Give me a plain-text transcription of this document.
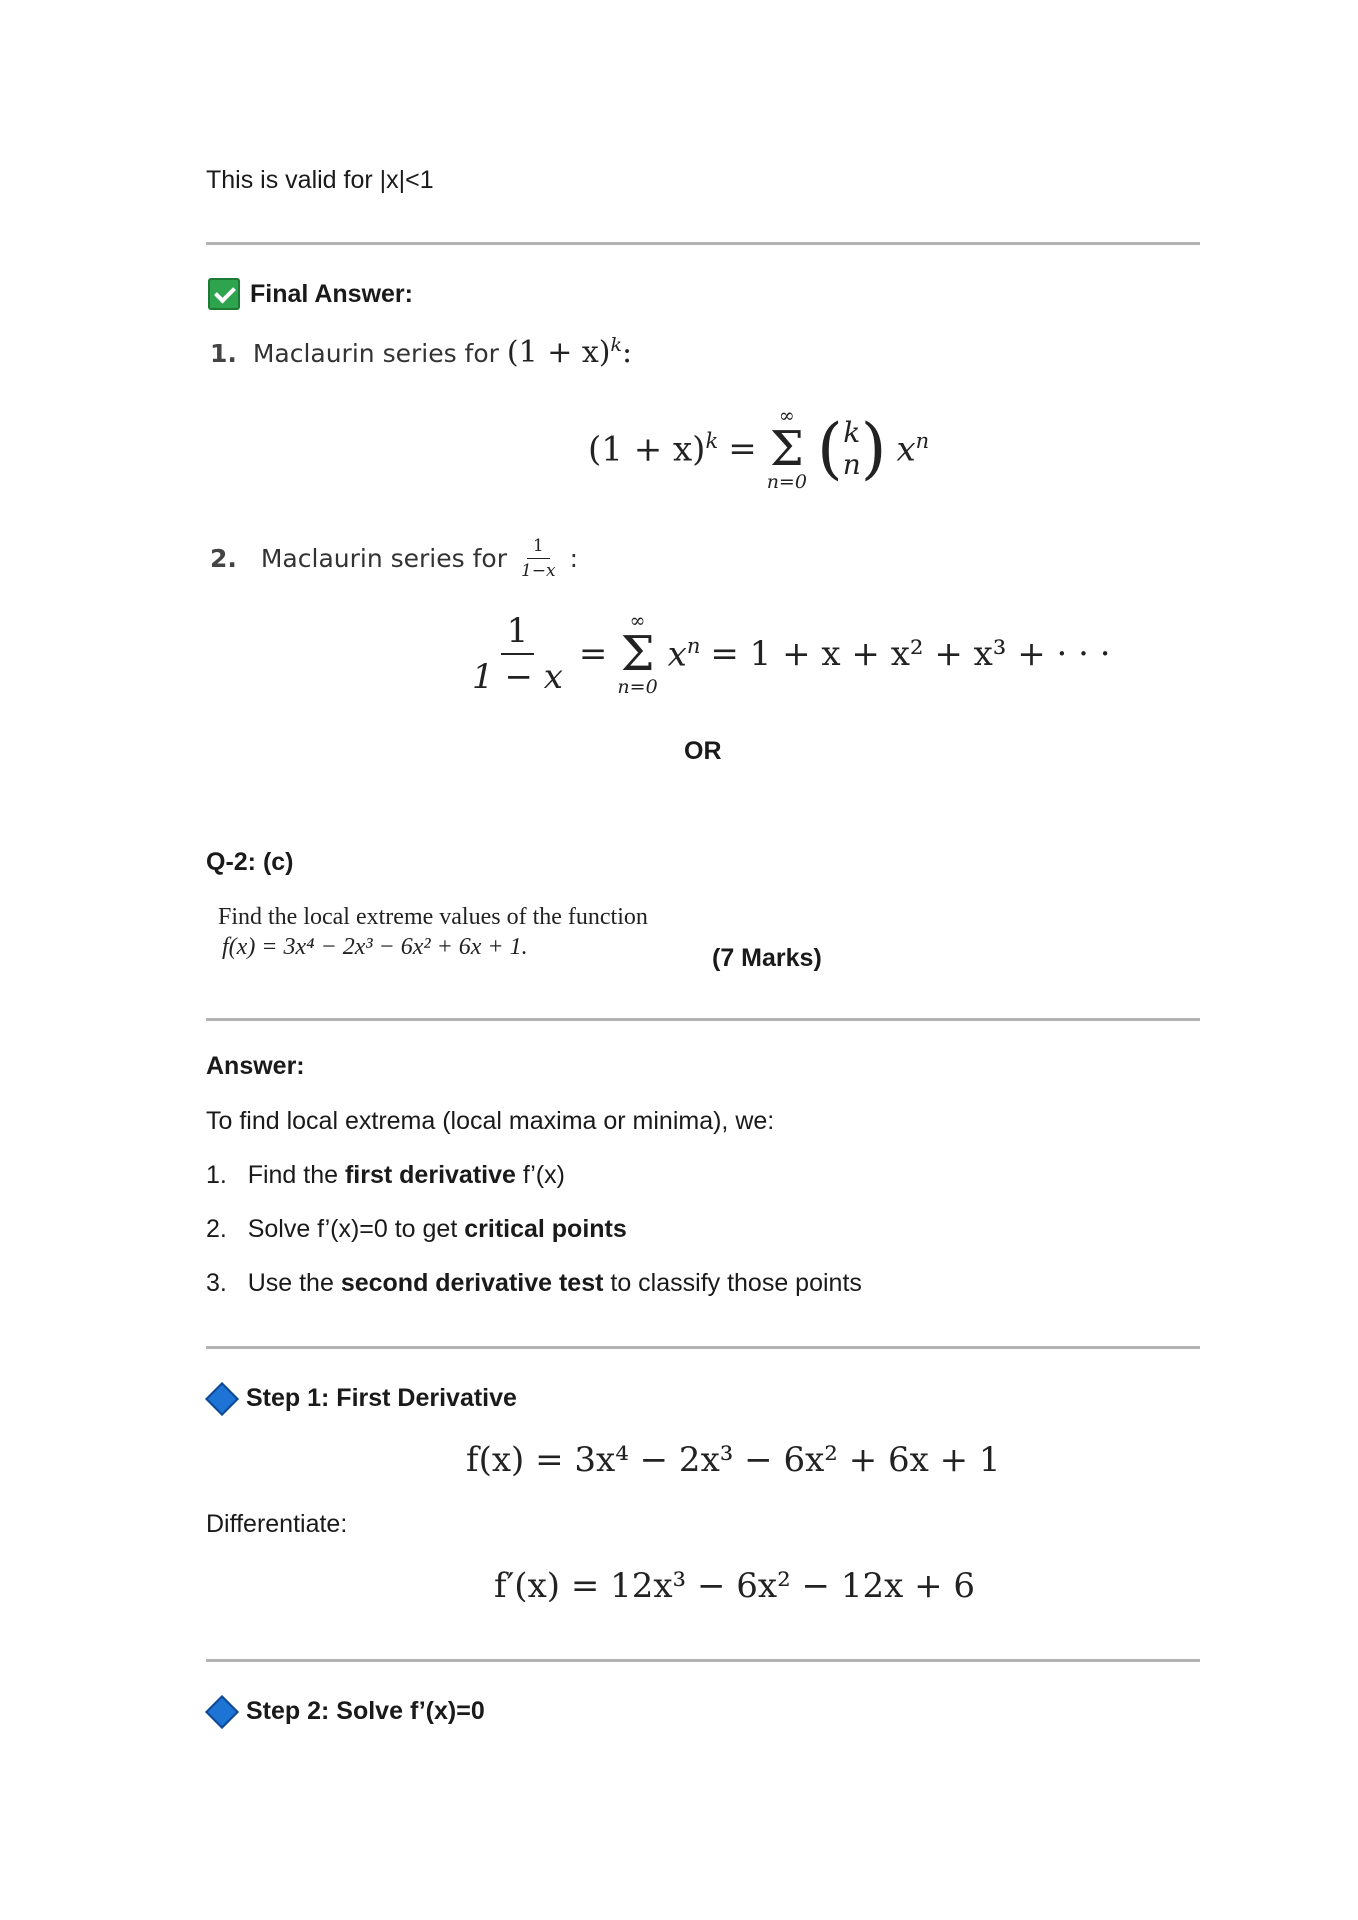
This is valid for |x|<1
Final Answer:
1. Maclaurin series for $(1 + x)^k$:
$(1 + x)^k$ =
∞
Σ
n=0 ( k
n ) $x^n$
2.
Maclaurin series for $\frac{1}{1-x}$ :
$\frac{1}{1 - x}$ =
∞
Σ
n=0
$x^n = 1 + x + x^2 + x^3$ + · · ·
OR
Q-2: (c)
Find the local extreme values of the function
f(x) = 3x⁴ − 2x³ − 6x² + 6x + 1.	(7 Marks)
Answer:
To find local extrema (local maxima or minima), we:
1. Find the first derivative f’(x)
2. Solve f’(x)=0 to get critical points
3. Use the second derivative test to classify those points
Step 1: First Derivative
f(x) = 3x⁴ − 2x³ − 6x² + 6x + 1
Differentiate:
f′(x) = 12x³ − 6x² − 12x + 6
Step 2: Solve f’(x)=0
